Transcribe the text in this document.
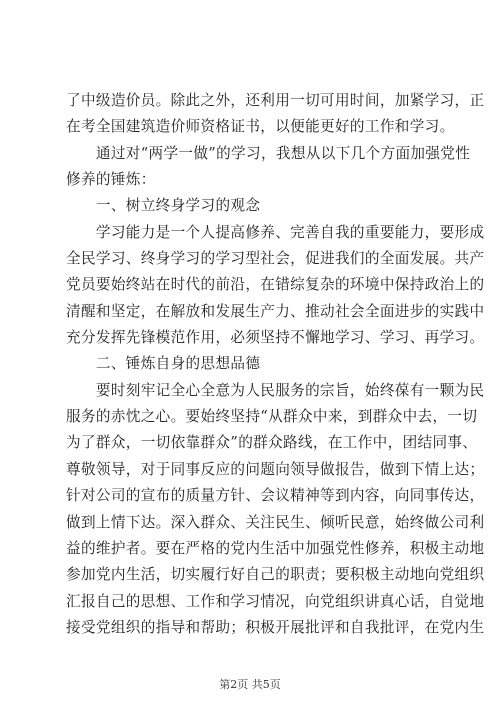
了中级造价员。除此之外，还利用一切可用时间，加紧学习，正
在考全国建筑造价师资格证书，以便能更好的工作和学习。
　　通过对“两学一做”的学习，我想从以下几个方面加强党性
修养的锤炼：
　　一、树立终身学习的观念
　　学习能力是一个人提高修养、完善自我的重要能力，要形成
全民学习、终身学习的学习型社会，促进我们的全面发展。共产
党员要始终站在时代的前沿，在错综复杂的环境中保持政治上的
清醒和坚定，在解放和发展生产力、推动社会全面进步的实践中
充分发挥先锋模范作用，必须坚持不懈地学习、学习、再学习。
　　二、锤炼自身的思想品德
　　要时刻牢记全心全意为人民服务的宗旨，始终葆有一颗为民
服务的赤忱之心。要始终坚持“从群众中来，到群众中去，一切
为了群众，一切依靠群众”的群众路线，在工作中，团结同事、
尊敬领导，对于同事反应的问题向领导做报告，做到下情上达；
针对公司的宣布的质量方针、会议精神等到内容，向同事传达，
做到上情下达。深入群众、关注民生、倾听民意，始终做公司利
益的维护者。要在严格的党内生活中加强党性修养，积极主动地
参加党内生活，切实履行好自己的职责；要积极主动地向党组织
汇报自己的思想、工作和学习情况，向党组织讲真心话，自觉地
接受党组织的指导和帮助；积极开展批评和自我批评，在党内生
第2页 共5页
